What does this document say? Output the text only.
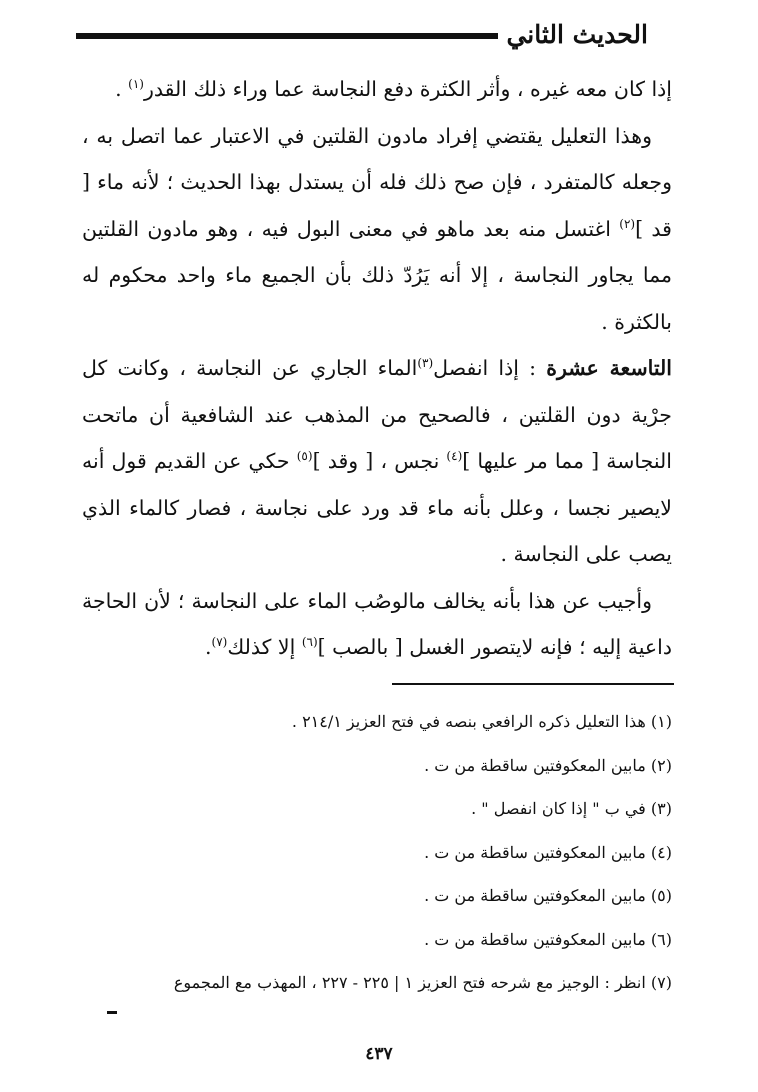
الحديث الثاني

إذا كان معه غيره ، وأثر الكثرة دفع النجاسة عما وراء ذلك القدر$^{(١)}$ .

وهذا التعليل يقتضي إفراد مادون القلتين في الاعتبار عما اتصل به ، وجعله كالمتفرد ، فإن صح ذلك فله أن يستدل بهذا الحديث ؛ لأنه ماء [ قد ]$^{(٢)}$ اغتسل منه بعد ماهو في معنى البول فيه ، وهو مادون القلتين مما يجاور النجاسة ، إلا أنه يَرُدّ ذلك بأن الجميع ماء واحد محكوم له بالكثرة .

التاسعة عشرة : إذا انفصل$^{(٣)}$الماء الجاري عن النجاسة ، وكانت كل جرْية دون القلتين ، فالصحيح من المذهب عند الشافعية أن ماتحت النجاسة [ مما مر عليها ]$^{(٤)}$ نجس ، [ وقد ]$^{(٥)}$ حكي عن القديم قول أنه لايصير نجسا ، وعلل بأنه ماء قد ورد على نجاسة ، فصار كالماء الذي يصب على النجاسة .

وأجيب عن هذا بأنه يخالف مالوصُب الماء على النجاسة ؛ لأن الحاجة داعية إليه ؛ فإنه لايتصور الغسل [ بالصب ]$^{(٦)}$ إلا كذلك$^{(٧)}$.

(١) هذا التعليل ذكره الرافعي بنصه في فتح العزيز ٢١٤/١ .
(٢) مابين المعكوفتين ساقطة من ت .
(٣) في ب " إذا كان انفصل " .
(٤) مابين المعكوفتين ساقطة من ت .
(٥) مابين المعكوفتين ساقطة من ت .
(٦) مابين المعكوفتين ساقطة من ت .
(٧) انظر : الوجيز مع شرحه فتح العزيز ١ | ٢٢٥ - ٢٢٧ ، المهذب مع المجموع
٤٣٧
